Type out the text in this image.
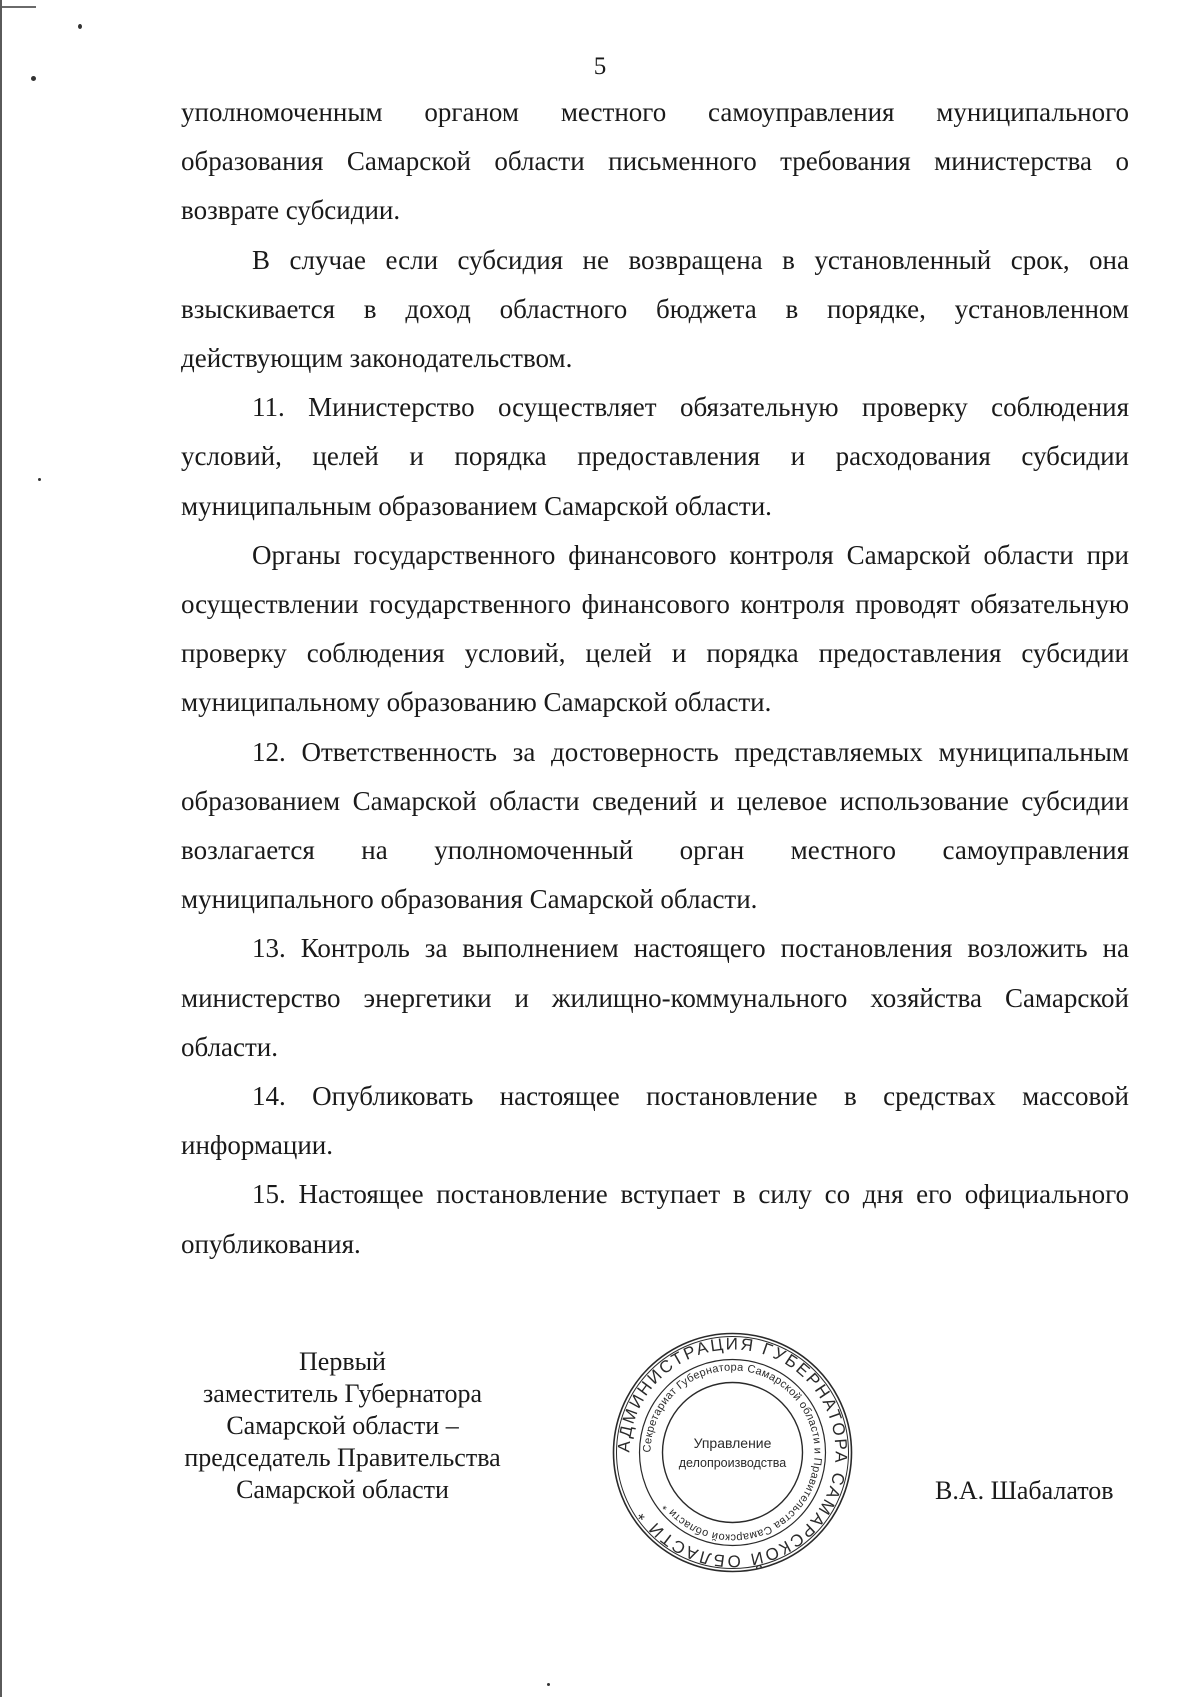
5

уполномоченным органом местного самоуправления муниципального образования Самарской области письменного требования министерства о возврате субсидии.

В случае если субсидия не возвращена в установленный срок, она взыскивается в доход областного бюджета в порядке, установленном действующим законодательством.

11. Министерство осуществляет обязательную проверку соблюдения условий, целей и порядка предоставления и расходования субсидии муниципальным образованием Самарской области.

Органы государственного финансового контроля Самарской области при осуществлении государственного финансового контроля проводят обязательную проверку соблюдения условий, целей и порядка предоставления субсидии муниципальному образованию Самарской области.

12. Ответственность за достоверность представляемых муниципальным образованием Самарской области сведений и целевое использование субсидии возлагается на уполномоченный орган местного самоуправления муниципального образования Самарской области.

13. Контроль за выполнением настоящего постановления возложить на министерство энергетики и жилищно-коммунального хозяйства Самарской области.

14. Опубликовать настоящее постановление в средствах массовой информации.

15. Настоящее постановление вступает в силу со дня его официального опубликования.

Первый
заместитель Губернатора
Самарской области –
председатель Правительства
Самарской области
АДМИНИСТРАЦИЯ ГУБЕРНАТОРА САМАРСКОЙ ОБЛАСТИ *
Секретариат Губернатора Самарской области и Правительства Самарской области *
Управление
делопроизводства
В.А. Шабалатов
